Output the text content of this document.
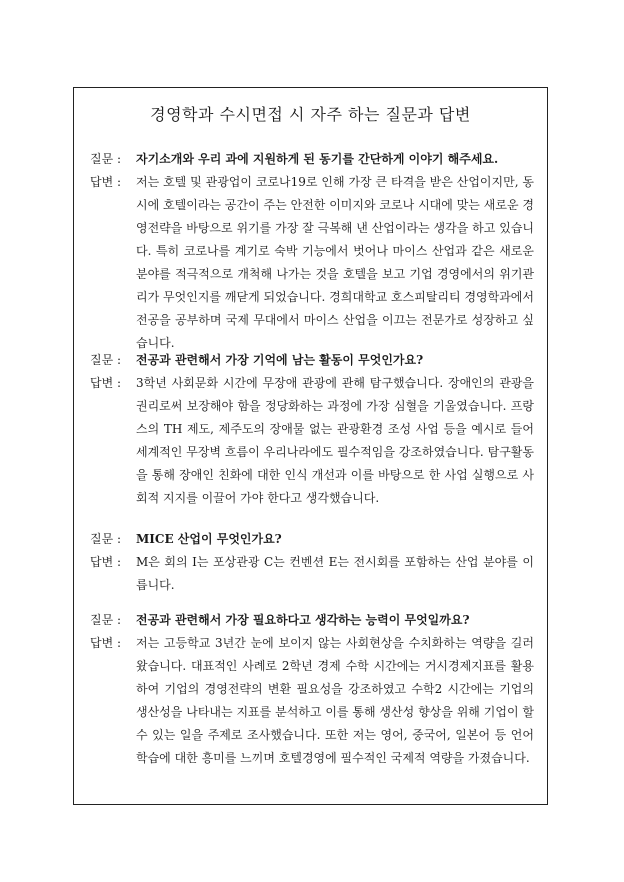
경영학과 수시면접 시 자주 하는 질문과 답변
질문 :	자기소개와 우리 과에 지원하게 된 동기를 간단하게 이야기 해주세요.
답변 :	저는 호텔 및 관광업이 코로나19로 인해 가장 큰 타격을 받은 산업이지만, 동시에 호텔이라는 공간이 주는 안전한 이미지와 코로나 시대에 맞는 새로운 경영전략을 바탕으로 위기를 가장 잘 극복해 낸 산업이라는 생각을 하고 있습니다. 특히 코로나를 계기로 숙박 기능에서 벗어나 마이스 산업과 같은 새로운 분야를 적극적으로 개척해 나가는 것을 호텔을 보고 기업 경영에서의 위기관리가 무엇인지를 깨닫게 되었습니다. 경희대학교 호스피탈리티 경영학과에서 전공을 공부하며 국제 무대에서 마이스 산업을 이끄는 전문가로 성장하고 싶습니다.
질문 :	전공과 관련해서 가장 기억에 남는 활동이 무엇인가요?
답변 :	3학년 사회문화 시간에 무장애 관광에 관해 탐구했습니다. 장애인의 관광을 권리로써 보장해야 함을 정당화하는 과정에 가장 심혈을 기울였습니다. 프랑스의 TH 제도, 제주도의 장애물 없는 관광환경 조성 사업 등을 예시로 들어 세계적인 무장벽 흐름이 우리나라에도 필수적임을 강조하였습니다. 탐구활동을 통해 장애인 친화에 대한 인식 개선과 이를 바탕으로 한 사업 실행으로 사회적 지지를 이끌어 가야 한다고 생각했습니다.
질문 :	MICE 산업이 무엇인가요?
답변 :	M은 회의 I는 포상관광 C는 컨벤션 E는 전시회를 포함하는 산업 분야를 이릅니다.
질문 :	전공과 관련해서 가장 필요하다고 생각하는 능력이 무엇일까요?
답변 :	저는 고등학교 3년간 눈에 보이지 않는 사회현상을 수치화하는 역량을 길러왔습니다. 대표적인 사례로 2학년 경제 수학 시간에는 거시경제지표를 활용하여 기업의 경영전략의 변환 필요성을 강조하였고 수학2 시간에는 기업의 생산성을 나타내는 지표를 분석하고 이를 통해 생산성 향상을 위해 기업이 할 수 있는 일을 주제로 조사했습니다. 또한 저는 영어, 중국어, 일본어 등 언어 학습에 대한 흥미를 느끼며 호텔경영에 필수적인 국제적 역량을 가졌습니다.
